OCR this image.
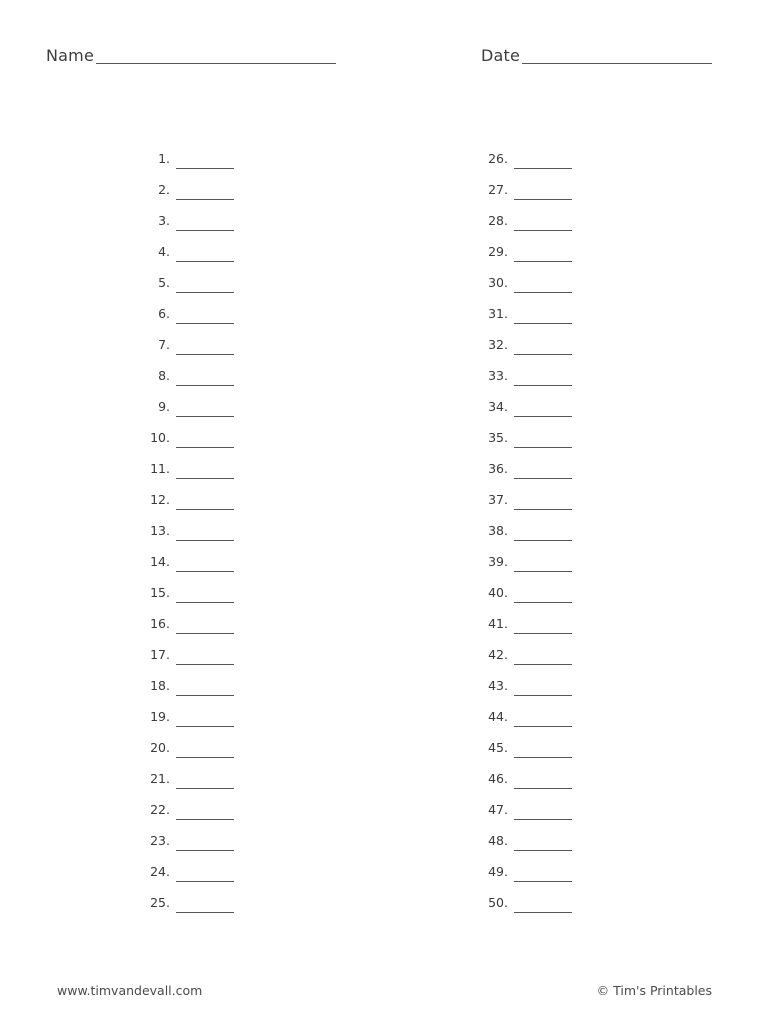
Name	Date
1.
2.
3.
4.
5.
6.
7.
8.
9.
10.
11.
12.
13.
14.
15.
16.
17.
18.
19.
20.
21.
22.
23.
24.
25.
26.
27.
28.
29.
30.
31.
32.
33.
34.
35.
36.
37.
38.
39.
40.
41.
42.
43.
44.
45.
46.
47.
48.
49.
50.
www.timvandevall.com	© Tim's Printables
